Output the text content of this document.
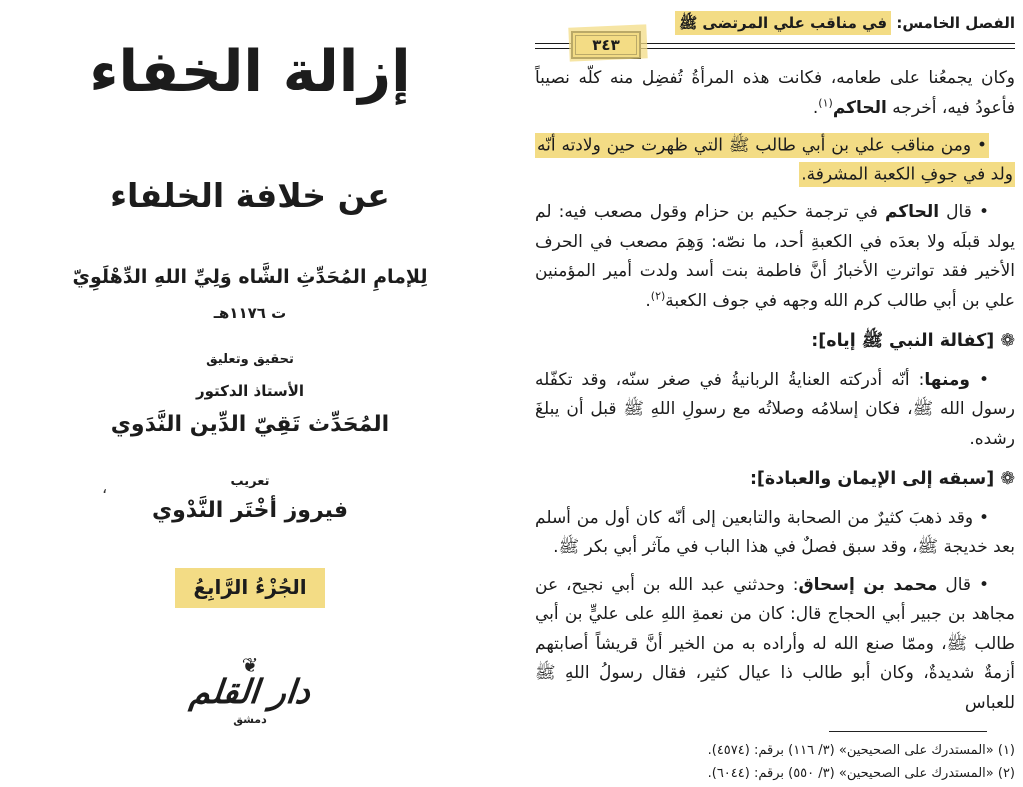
إزالة الخفاء
عن خلافة الخلفاء
لِلإمامِ المُحَدِّثِ الشَّاه وَلِيِّ اللهِ الدِّهْلَوِيّ
ت ١١٧٦هـ
تحقيق وتعليق
الأستاذ الدكتور
المُحَدِّث تَقِيّ الدِّين النَّدَوي
تعريب
فيروز أخْتَر النَّدْوي
،
الجُزْءُ الرَّابِعُ
❦
دار القلم
دمشق
الفصل الخامس: في مناقب علي المرتضى ﷺ
٣٤٣
وكان يجمعُنا على طعامه، فكانت هذه المرأةُ تُفضِل منه كلّه نصيباً فأعودُ فيه، أخرجه الحاكم$^{(١)}$.
• ومن مناقب علي بن أبي طالب ﷺ التي ظهرت حين ولادته أنّه ولد في جوفِ الكعبة المشرفة.
• قال الحاكم في ترجمة حكيم بن حزام وقول مصعب فيه: لم يولد قبلَه ولا بعدَه في الكعبةِ أحد، ما نصّه: وَهِمَ مصعب في الحرف الأخير فقد تواترتِ الأخبارُ أنَّ فاطمة بنت أسد ولدت أمير المؤمنين علي بن أبي طالب كرم الله وجهه في جوف الكعبة$^{(٢)}$.
❁ [كفالة النبي ﷺ إياه]:
• ومنها: أنّه أدركته العنايةُ الربانيةُ في صغر سنّه، وقد تكفّله رسول الله ﷺ، فكان إسلامُه وصلاتُه مع رسولِ اللهِ ﷺ قبل أن يبلغَ رشده.
❁ [سبقه إلى الإيمان والعبادة]:
• وقد ذهبَ كثيرٌ من الصحابة والتابعين إلى أنّه كان أول من أسلم بعد خديجة ﷺ، وقد سبق فصلٌ في هذا الباب في مآثر أبي بكر ﷺ.
• قال محمد بن إسحاق: وحدثني عبد الله بن أبي نجيح، عن مجاهد بن جبير أبي الحجاج قال: كان من نعمةِ اللهِ على عليٍّ بن أبي طالب ﷺ، وممّا صنع الله له وأراده به من الخير أنَّ قريشاً أصابتهم أزمةٌ شديدةٌ، وكان أبو طالب ذا عيال كثير، فقال رسولُ اللهِ ﷺ للعباس
(١) «المستدرك على الصحيحين» (٣/ ١١٦) برقم: (٤٥٧٤).
(٢) «المستدرك على الصحيحين» (٣/ ٥٥٠) برقم: (٦٠٤٤).
